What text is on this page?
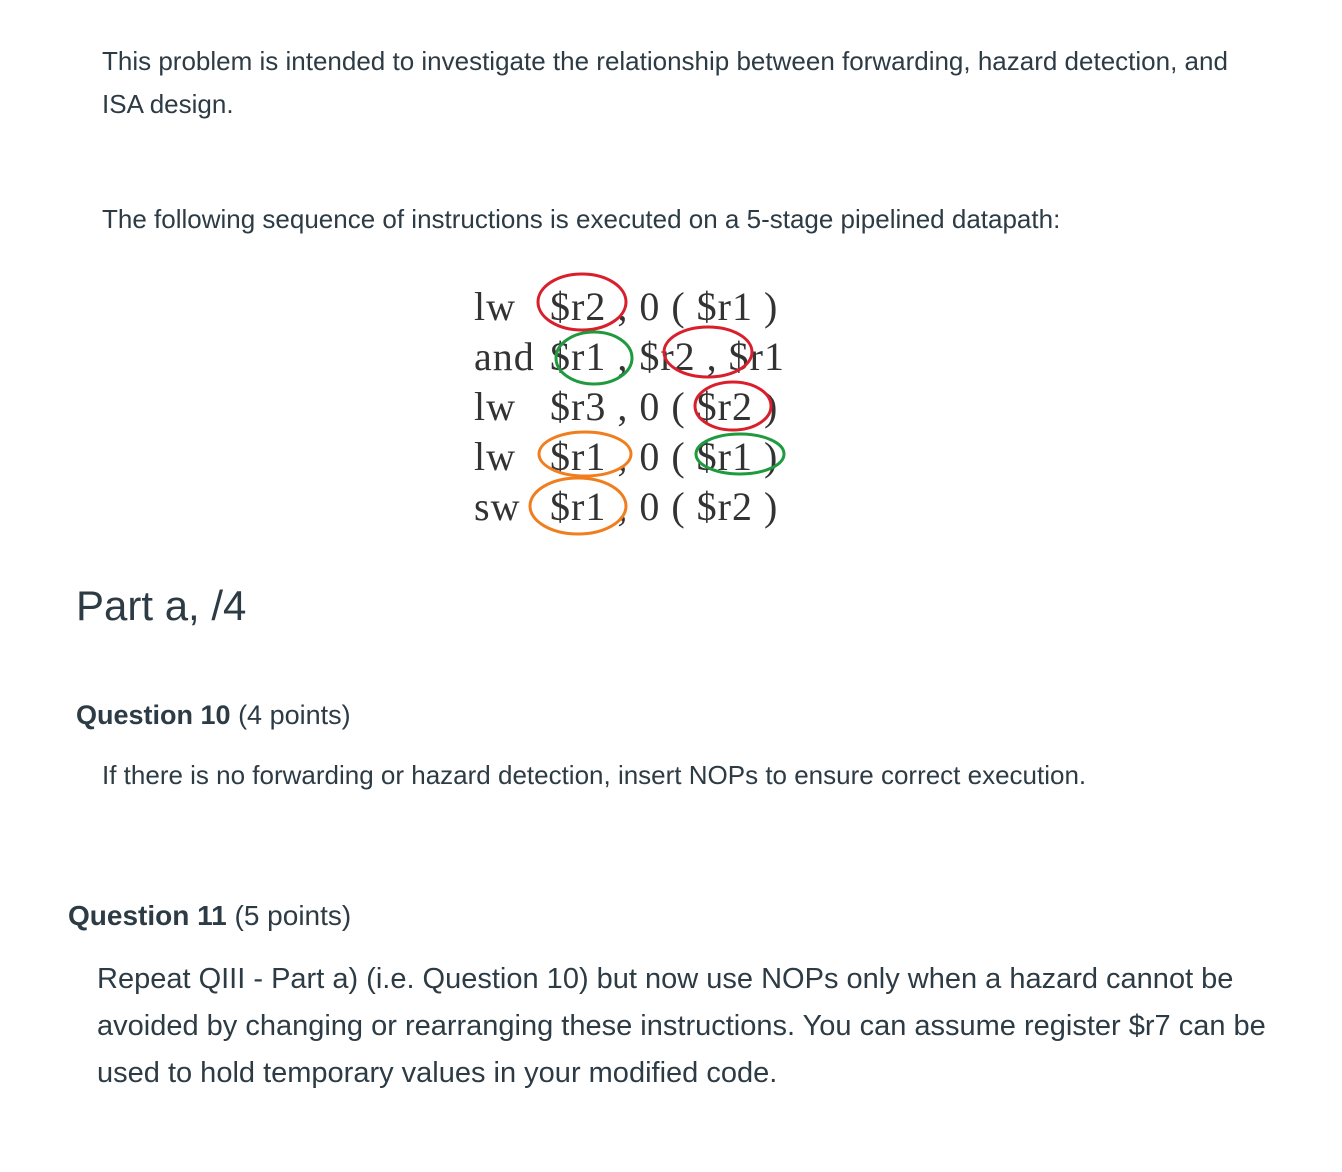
This problem is intended to investigate the relationship between forwarding, hazard detection, and ISA design.

The following sequence of instructions is executed on a 5-stage pipelined datapath:

lw $r2 , 0 ( $r1 )
and $r1 , $r2 , $r1
lw $r3 , 0 ( $r2 )
lw $r1 , 0 ( $r1 )
sw $r1 , 0 ( $r2 )
Part a, /4
Question 10 (4 points)

If there is no forwarding or hazard detection, insert NOPs to ensure correct execution.

Question 11 (5 points)

Repeat QIII - Part a) (i.e. Question 10) but now use NOPs only when a hazard cannot be avoided by changing or rearranging these instructions. You can assume register $r7 can be used to hold temporary values in your modified code.
